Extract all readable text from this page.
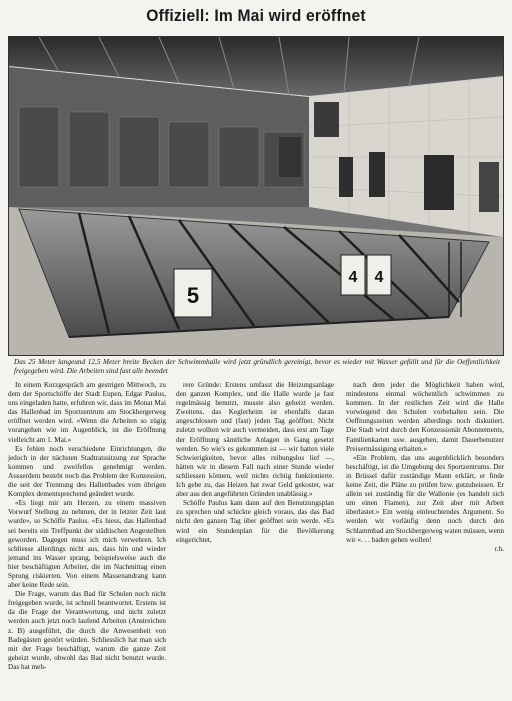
Offiziell: Im Mai wird eröffnet
5
4 4
Das 25 Meter langeund 12,5 Meter breite Becken der Schwimmhalle wird jetzt gründlich gereinigt, bevor es wieder mit Wasser gefüllt und für die Oeffentlichkeit freigegeben wird. Die Arbeiten sind fast alle beendet

In einem Kurzgespräch am gestrigen Mittwoch, zu dem der Sportschöffe der Stadt Eupen, Edgar Paulus, uns eingeladen hatte, erfuhren wir, dass im Monat Mai das Hallenbad im Sportzentrum am Stockbergerweg eröffnet werden wird. «Wenn die Arbeiten so zügig vorangehen wie im Augenblick, ist die Eröffnung vielleicht am 1. Mai.»

Es fehlen noch verschiedene Einrichtungen, die jedoch in der nächsten Stadtratssitzung zur Sprache kommen und zweifellos genehmigt werden. Ausserdem besteht noch das Problem der Konzession, die seit der Trennung des Hallenbades vom übrigen Komplex dementsprechend geändert wurde.

«Es liegt mir am Herzen, zu einem massiven Vorwurf Stellung zu nehmen, der in letzter Zeit laut wurde», so Schöffe Paulus. «Es hiess, das Hallenbad sei bereits ein Treffpunkt der städtischen Angestellten geworden. Dagegen muss ich mich verwehren. Ich schliesse allerdings nicht aus, dass hin und wieder jemand ins Wasser sprang, beispielsweise auch die hier beschäftigten Arbeiter, die im Nachmittag einen Sprung riskierten. Von einem Massenandrang kann aber keine Rede sein.

Die Frage, warum das Bad für Schulen noch nicht freigegeben wurde, ist schnell beantwortet. Erstens ist da die Frage der Verantwortung, und nicht zuletzt werden auch jetzt noch laufend Arbeiten (Anstreichen z. B) ausgeführt, die durch die Anwesenheit von Badegästen gestört würden. Schliesslich hat man sich mit der Frage beschäftigt, warum die ganze Zeit geheizt wurde, obwohl das Bad nicht benutzt wurde. Das hat meh-

rere Gründe: Erstens umfasst die Heizungsanlage den ganzen Komplex, und die Halle wurde ja fast regelmässig benutzt, musste also geheizt werden. Zweitens, das Keglerheim ist ebenfalls daran angeschlossen und (fast) jeden Tag geöffnet. Nicht zuletzt wollten wir auch vermeiden, dass erst am Tage der Eröffnung sämtliche Anlagen in Gang gesetzt werden. So wie's es gekommen ist — wir hatten viele Schwierigkeiten, bevor alles reibungslos lief —, hätten wir in diesem Fall nach einer Stunde wieder schliessen können, weil nichts richtig funktionierte. Ich gebe zu, das Heizen hat zwar Geld gekostet, war aber aus den angeführten Gründen unablässig.»

Schöffe Paulus kam dann auf den Benutzungsplan zu sprechen und schickte gleich voraus, das das Bad nicht den ganzen Tag über geöffnet sein werde. «Es wird ein Stundenplan für die Bevölkerung eingerichtet,

nach dem jeder die Möglichkeit haben wird, mindestens einmal wöchentlich schwimmen zu kommen. In der restlichen Zeit wird die Halle vorwiegend den Schulen vorbehalten sein. Die Oeffnungszeiten werden allerdings noch diskutiert. Die Stadt wird durch den Konzessionär Abonnements, Familienkarten usw. ausgeben, damit Dauerbenutzer Preisermässigung erhalten.»

«Ein Problem, das uns augenblicklich besonders beschäftigt, ist die Umgebung des Sportzentrums. Der in Brüssel dafür zuständige Mann erklärt, er finde keine Zeit, die Pläne zu prüfen bzw. gutzuheissen. Er allein sei zuständig für die Wallonie (es handelt sich um einen Flamen), zur Zeit aber mit Arbeit überlastet.» Ein wenig einleuchtendes Argument. So werden wir vorläufig denn noch durch den Schlammbad am Stockbergerweg waten müssen, wenn wir «. . . baden gehen wollen!

r.h.
